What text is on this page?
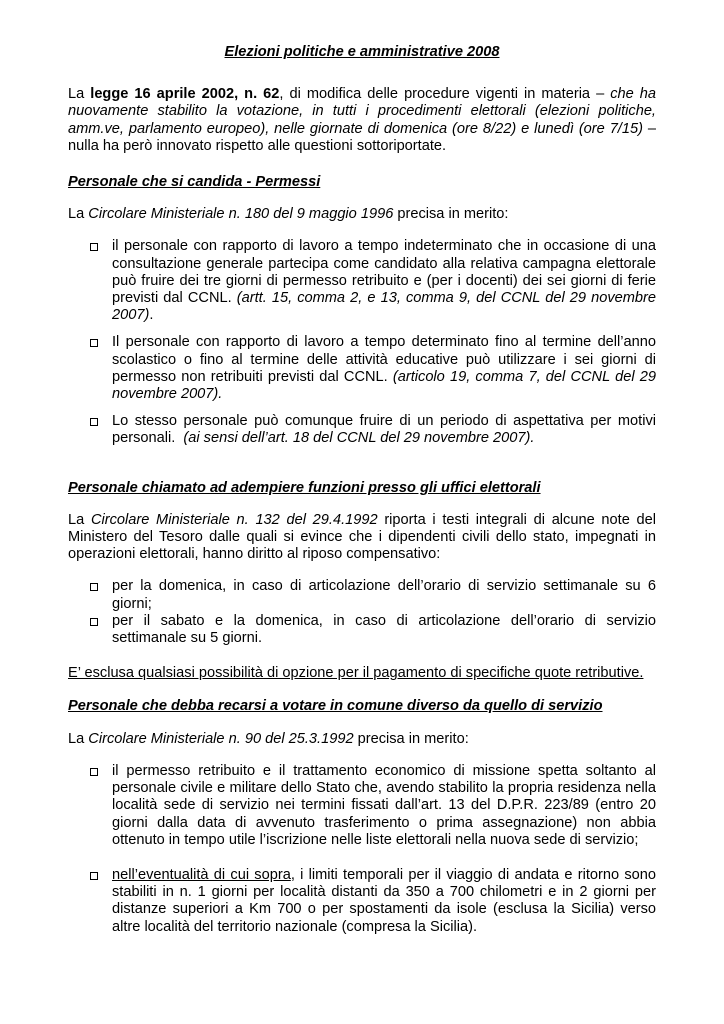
Elezioni politiche e amministrative 2008

La legge 16 aprile 2002, n. 62, di modifica delle procedure vigenti in materia – che ha nuovamente stabilito la votazione, in tutti i procedimenti elettorali (elezioni politiche, amm.ve, parlamento europeo), nelle giornate di domenica (ore 8/22) e lunedì (ore 7/15) – nulla ha però innovato rispetto alle questioni sottoriportate.

Personale che si candida - Permessi

La Circolare Ministeriale n. 180 del 9 maggio 1996 precisa in merito:

il personale con rapporto di lavoro a tempo indeterminato che in occasione di una consultazione generale partecipa come candidato alla relativa campagna elettorale può fruire dei tre giorni di permesso retribuito e (per i docenti) dei sei giorni di ferie previsti dal CCNL. (artt. 15, comma 2, e 13, comma 9, del CCNL del 29 novembre 2007).
Il personale con rapporto di lavoro a tempo determinato fino al termine dell’anno scolastico o fino al termine delle attività educative può utilizzare i sei giorni di permesso non retribuiti previsti dal CCNL. (articolo 19, comma 7, del CCNL del 29 novembre 2007).
Lo stesso personale può comunque fruire di un periodo di aspettativa per motivi personali.  (ai sensi dell’art. 18 del CCNL del 29 novembre 2007).

Personale chiamato ad adempiere funzioni presso gli uffici elettorali

La Circolare Ministeriale n. 132 del 29.4.1992 riporta i testi integrali di alcune note del Ministero del Tesoro dalle quali si evince che i dipendenti civili dello stato, impegnati in operazioni elettorali, hanno diritto al riposo compensativo:

per la domenica, in caso di articolazione dell’orario di servizio settimanale su 6 giorni;
per il sabato e la domenica, in caso di articolazione dell’orario di servizio settimanale su 5 giorni.

E’ esclusa qualsiasi possibilità di opzione per il pagamento di specifiche quote retributive.

Personale che debba recarsi a votare in comune diverso da quello di servizio

La Circolare Ministeriale n. 90 del 25.3.1992 precisa in merito:

il permesso retribuito e il trattamento economico di missione spetta soltanto al personale civile e militare dello Stato che, avendo stabilito la propria residenza nella località sede di servizio nei termini fissati dall’art. 13 del D.P.R. 223/89 (entro 20 giorni dalla data di avvenuto trasferimento o prima assegnazione) non abbia ottenuto in tempo utile l’iscrizione nelle liste elettorali nella nuova sede di servizio;
nell’eventualità di cui sopra, i limiti temporali per il viaggio di andata e ritorno sono stabiliti in n. 1 giorni per località distanti da 350 a 700 chilometri e in 2 giorni per distanze superiori a Km 700 o per spostamenti da isole (esclusa la Sicilia) verso altre località del territorio nazionale (compresa la Sicilia).
